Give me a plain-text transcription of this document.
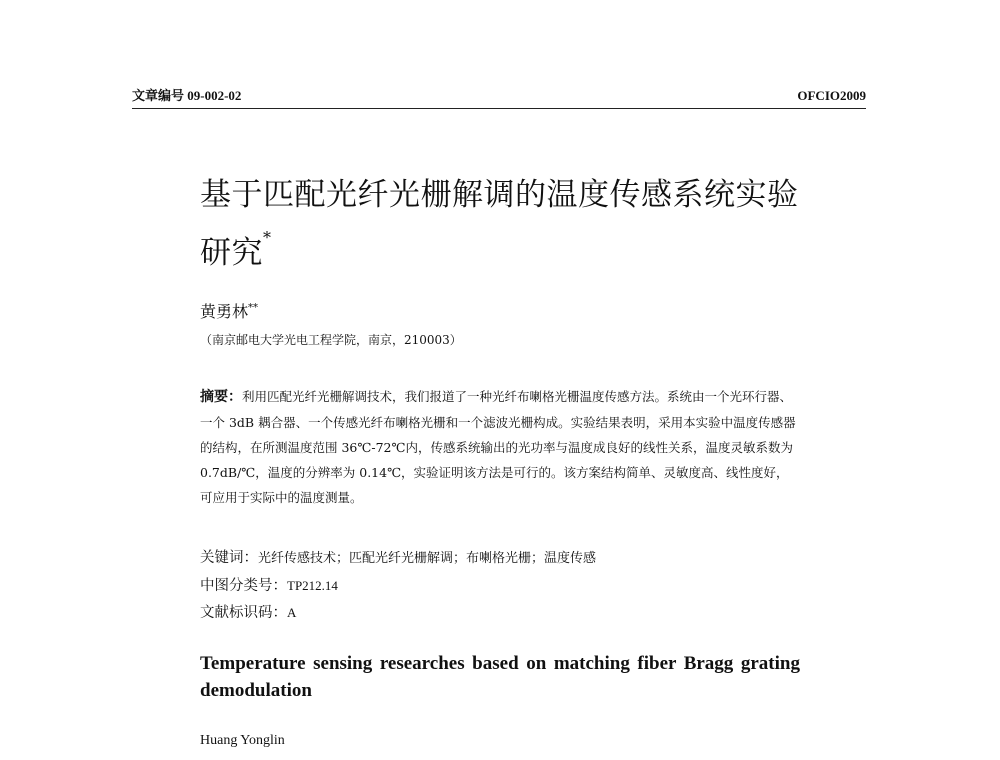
文章编号 09-002-02	OFCIO2009
基于匹配光纤光栅解调的温度传感系统实验
研究*
黄勇林**
（南京邮电大学光电工程学院，南京，210003）
摘要：利用匹配光纤光栅解调技术，我们报道了一种光纤布喇格光栅温度传感方法。系统由一个光环行器、一个 3dB 耦合器、一个传感光纤布喇格光栅和一个滤波光栅构成。实验结果表明，采用本实验中温度传感器的结构，在所测温度范围 36℃-72℃内，传感系统输出的光功率与温度成良好的线性关系，温度灵敏系数为 0.7dB/℃，温度的分辨率为 0.14℃，实验证明该方法是可行的。该方案结构简单、灵敏度高、线性度好，可应用于实际中的温度测量。
关键词：光纤传感技术；匹配光纤光栅解调；布喇格光栅；温度传感
中图分类号：TP212.14
文献标识码：A
Temperature sensing researches based on matching fiber Bragg grating demodulation
Huang Yonglin
